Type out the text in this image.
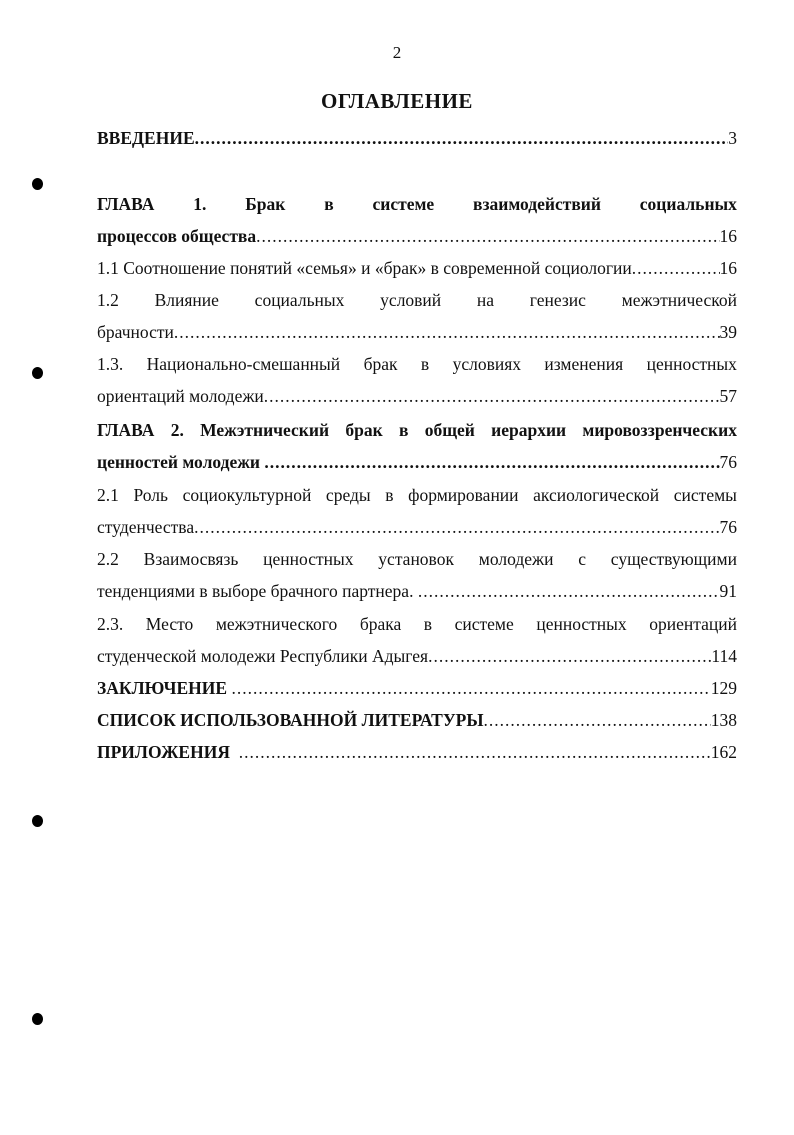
2
ОГЛАВЛЕНИЕ
ВВЕДЕНИЕ .....	3
ГЛАВА 1. Брак в системе взаимодействий социальных
процессов общества .....	16
1.1 Соотношение понятий «семья» и «брак» в современной социологии .....	16
1.2 Влияние социальных условий на генезис межэтнической
брачности .....	39
1.3. Национально-смешанный брак в условиях изменения ценностных
ориентаций молодежи .....	57
ГЛАВА 2. Межэтнический брак в общей иерархии мировоззренческих
ценностей молодежи .....	76
2.1 Роль социокультурной среды в формировании аксиологической системы
студенчества .....	76
2.2 Взаимосвязь ценностных установок молодежи с существующими
тенденциями в выборе брачного партнера. .....	91
2.3. Место межэтнического брака в системе ценностных ориентаций
студенческой молодежи Республики Адыгея .....	114
ЗАКЛЮЧЕНИЕ .....	129
СПИСОК ИСПОЛЬЗОВАННОЙ ЛИТЕРАТУРЫ .....	138
ПРИЛОЖЕНИЯ .....	162
